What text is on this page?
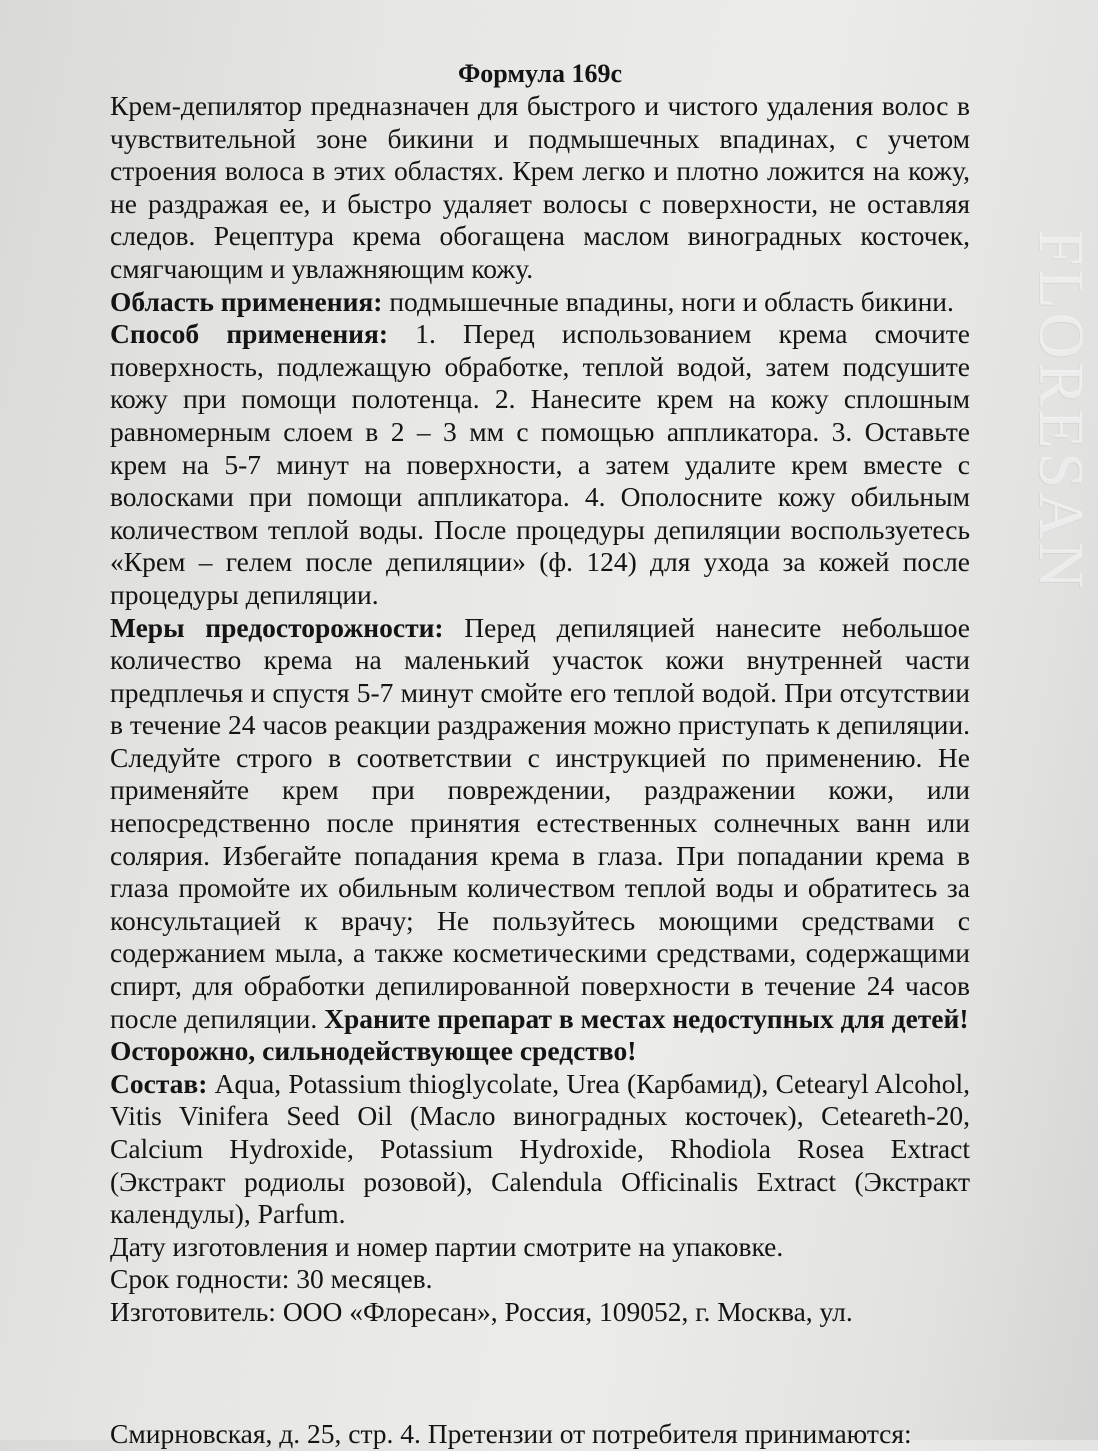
FLORESAN

Формула 169с

Крем-депилятор предназначен для быстрого и чистого удаления волос в чувствительной зоне бикини и подмышечных впадинах, с учетом строения волоса в этих областях. Крем легко и плотно ложится на кожу, не раздражая ее, и быстро удаляет волосы с поверхности, не оставляя следов. Рецептура крема обогащена маслом виноградных косточек, смягчающим и увлажняющим кожу.

Область применения: подмышечные впадины, ноги и область бикини.

Способ применения: 1. Перед использованием крема смочите поверхность, подлежащую обработке, теплой водой, затем подсушите кожу при помощи полотенца. 2. Нанесите крем на кожу сплошным равномерным слоем в 2 – 3 мм с помощью аппликатора. 3. Оставьте крем на 5-7 минут на поверхности, а затем удалите крем вместе с волосками при помощи аппликатора. 4. Ополосните кожу обильным количеством теплой воды. После процедуры депиляции воспользуетесь «Крем – гелем после депиляции» (ф. 124) для ухода за кожей после процедуры депиляции.

Меры предосторожности: Перед депиляцией нанесите небольшое количество крема на маленький участок кожи внутренней части предплечья и спустя 5-7 минут смойте его теплой водой. При отсутствии в течение 24 часов реакции раздражения можно приступать к депиляции. Следуйте строго в соответствии с инструкцией по применению. Не применяйте крем при повреждении, раздражении кожи, или непосредственно после принятия естественных солнечных ванн или солярия. Избегайте попадания крема в глаза. При попадании крема в глаза промойте их обильным количеством теплой воды и обратитесь за консультацией к врачу; Не пользуйтесь моющими средствами с содержанием мыла, а также косметическими средствами, содержащими спирт, для обработки депилированной поверхности в течение 24 часов после депиляции. Храните препарат в местах недоступных для детей!

Осторожно, сильнодействующее средство!

Состав: Aqua, Potassium thioglycolate, Urea (Карбамид), Cetearyl Alcohol, Vitis Vinifera Seed Oil (Масло виноградных косточек), Ceteareth-20, Calcium Hydroxide, Potassium Hydroxide, Rhodiola Rosea Extract (Экстракт родиолы розовой), Calendula Officinalis Extract (Экстракт календулы), Parfum.

Дату изготовления и номер партии смотрите на упаковке.

Срок годности: 30 месяцев.

Изготовитель: ООО «Флоресан», Россия, 109052, г. Москва, ул.

Смирновская, д. 25, стр. 4. Претензии от потребителя принимаются:
